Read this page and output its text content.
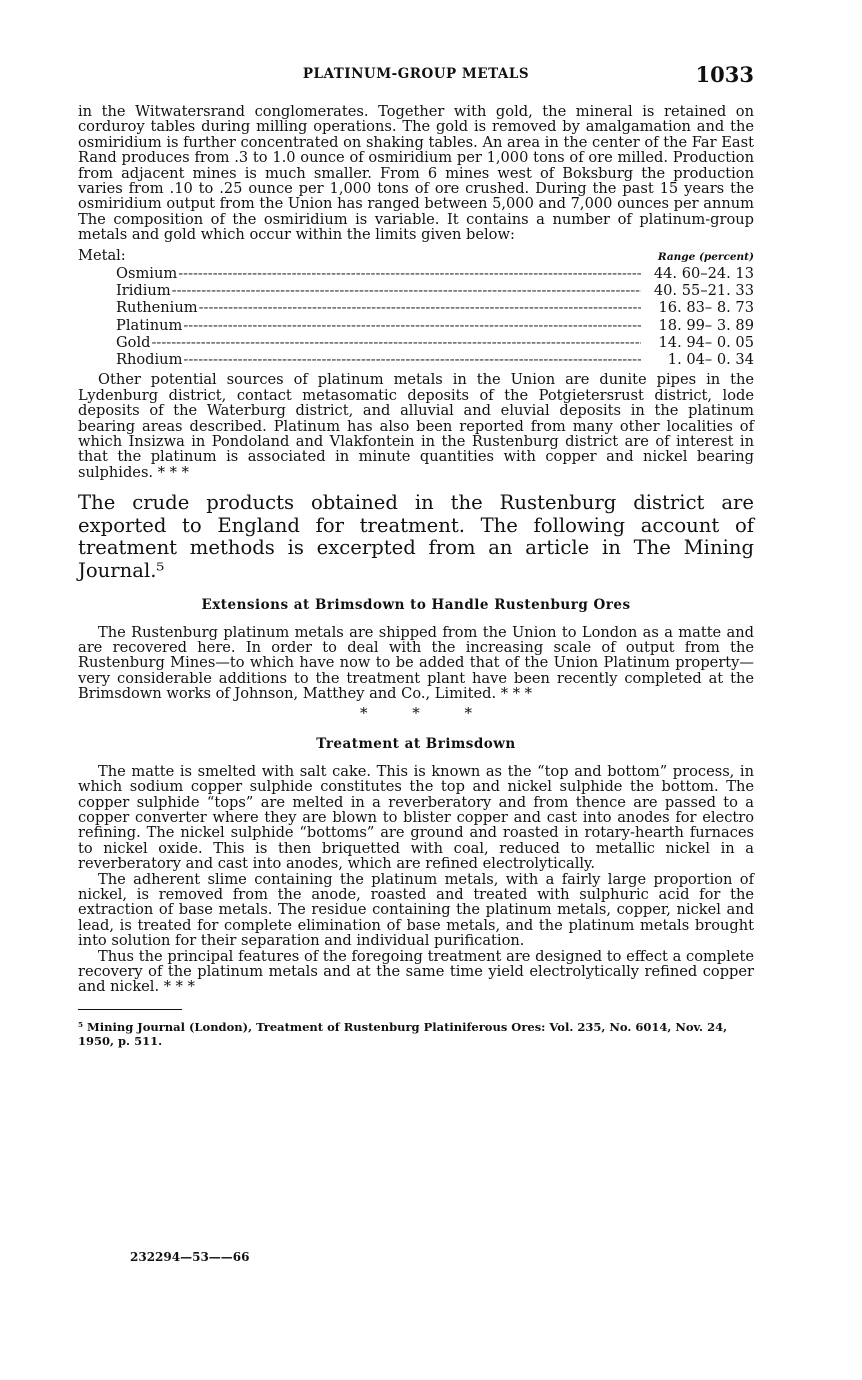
PLATINUM-GROUP METALS	1033

in the Witwatersrand conglomerates. Together with gold, the mineral is retained on corduroy tables during milling operations. The gold is removed by amalgamation and the osmiridium is further concentrated on shaking tables. An area in the center of the Far East Rand produces from .3 to 1.0 ounce of osmiridium per 1,000 tons of ore milled. Production from adjacent mines is much smaller. From 6 mines west of Boksburg the production varies from .10 to .25 ounce per 1,000 tons of ore crushed. During the past 15 years the osmiridium output from the Union has ranged between 5,000 and 7,000 ounces per annum The composition of the osmiridium is variable. It contains a number of platinum-group metals and gold which occur within the limits given below:

Metal:	Range (percent)
Osmium -----	44. 60–24. 13
Iridium -----	40. 55–21. 33
Ruthenium -----	16. 83– 8. 73
Platinum -----	18. 99– 3. 89
Gold -----	14. 94– 0. 05
Rhodium -----	1. 04– 0. 34

Other potential sources of platinum metals in the Union are dunite pipes in the Lydenburg district, contact metasomatic deposits of the Potgietersrust district, lode deposits of the Waterburg district, and alluvial and eluvial deposits in the platinum bearing areas described. Platinum has also been reported from many other localities of which Insizwa in Pondoland and Vlakfontein in the Rustenburg district are of interest in that the platinum is associated in minute quantities with copper and nickel bearing sulphides. * * *

The crude products obtained in the Rustenburg district are exported to England for treatment. The following account of treatment methods is excerpted from an article in The Mining Journal.⁵

Extensions at Brimsdown to Handle Rustenburg Ores

The Rustenburg platinum metals are shipped from the Union to London as a matte and are recovered here. In order to deal with the increasing scale of output from the Rustenburg Mines—to which have now to be added that of the Union Platinum property—very considerable additions to the treatment plant have been recently completed at the Brimsdown works of Johnson, Matthey and Co., Limited. * * *

* * *
Treatment at Brimsdown

The matte is smelted with salt cake. This is known as the “top and bottom” process, in which sodium copper sulphide constitutes the top and nickel sulphide the bottom. The copper sulphide “tops” are melted in a reverberatory and from thence are passed to a copper converter where they are blown to blister copper and cast into anodes for electro refining. The nickel sulphide “bottoms” are ground and roasted in rotary-hearth furnaces to nickel oxide. This is then briquetted with coal, reduced to metallic nickel in a reverberatory and cast into anodes, which are refined electrolytically.

The adherent slime containing the platinum metals, with a fairly large proportion of nickel, is removed from the anode, roasted and treated with sulphuric acid for the extraction of base metals. The residue containing the platinum metals, copper, nickel and lead, is treated for complete elimination of base metals, and the platinum metals brought into solution for their separation and individual purification.

Thus the principal features of the foregoing treatment are designed to effect a complete recovery of the platinum metals and at the same time yield electrolytically refined copper and nickel. * * *

⁵ Mining Journal (London), Treatment of Rustenburg Platiniferous Ores: Vol. 235, No. 6014, Nov. 24, 1950, p. 511.
232294—53——66
